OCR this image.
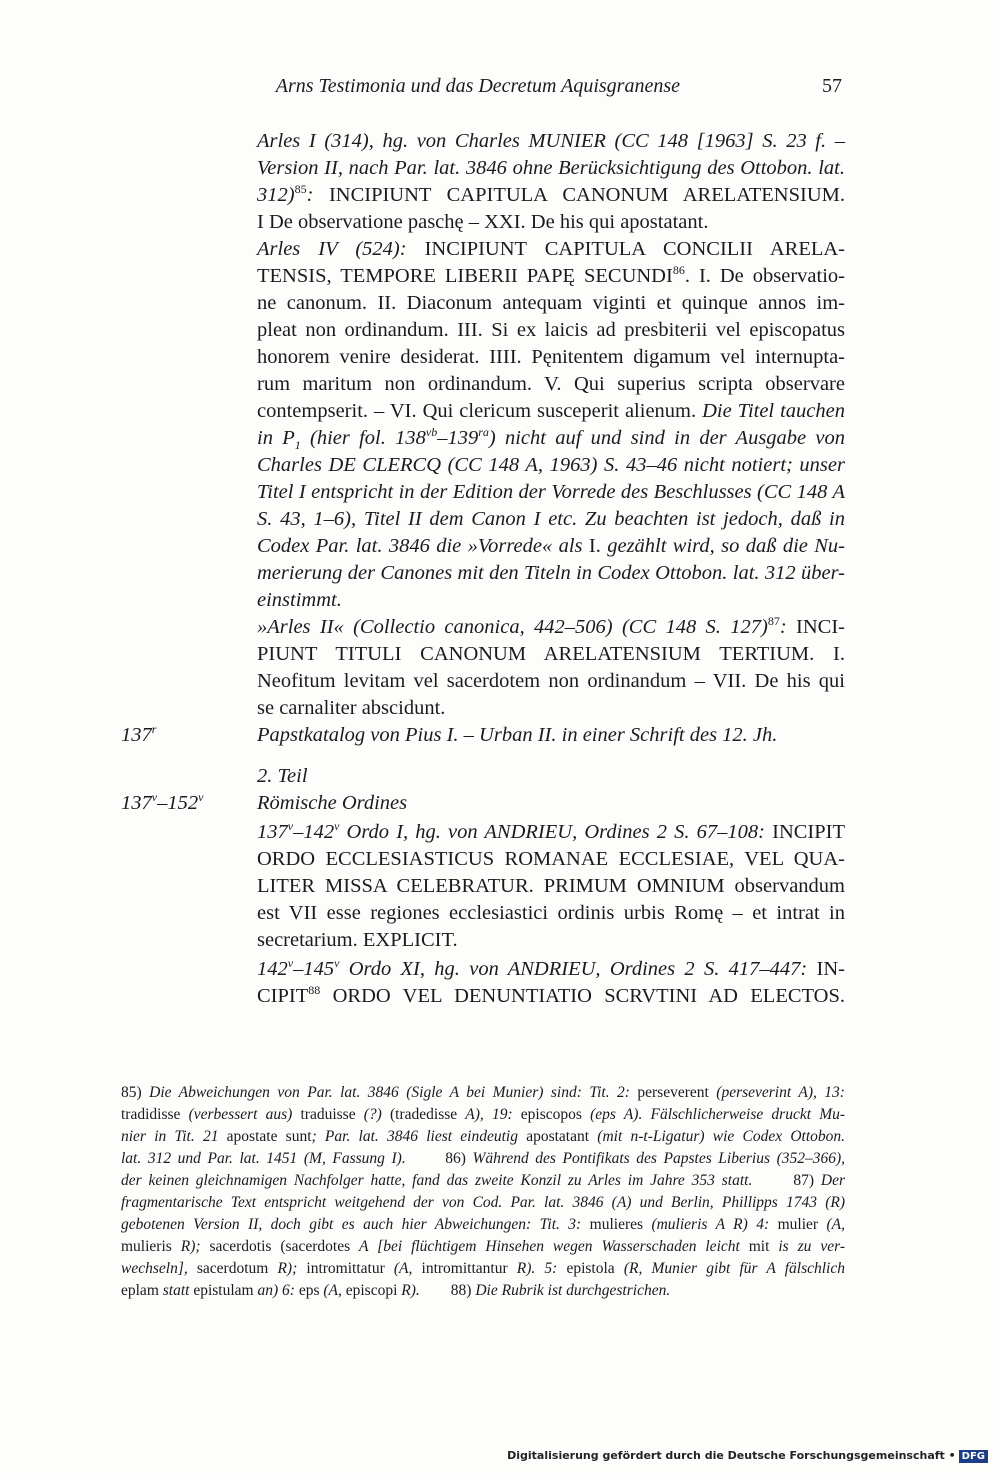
Arns Testimonia und das Decretum Aquisgranense	57
Arles I (314), hg. von Charles MUNIER (CC 148 [1963] S. 23 f. –
Version II, nach Par. lat. 3846 ohne Berücksichtigung des Ottobon. lat.
312)$^{85}$: INCIPIUNT CAPITULA CANONUM ARELATENSIUM.
I De observatione paschę – XXI. De his qui apostatant.
Arles IV (524): INCIPIUNT CAPITULA CONCILII ARELA-
TENSIS, TEMPORE LIBERII PAPĘ SECUNDI$^{86}$. I. De observatio-
ne canonum. II. Diaconum antequam viginti et quinque annos im-
pleat non ordinandum. III. Si ex laicis ad presbiterii vel episcopatus
honorem venire desiderat. IIII. Pęnitentem digamum vel internupta-
rum maritum non ordinandum. V. Qui superius scripta observare
contempserit. – VI. Qui clericum susceperit alienum. Die Titel tauchen
in $P_1$ (hier fol. $138^{vb}-139^{ra}$) nicht auf und sind in der Ausgabe von
Charles DE CLERCQ (CC 148 A, 1963) S. 43–46 nicht notiert; unser
Titel I entspricht in der Edition der Vorrede des Beschlusses (CC 148 A
S. 43, 1–6), Titel II dem Canon I etc. Zu beachten ist jedoch, daß in
Codex Par. lat. 3846 die »Vorrede« als I. gezählt wird, so daß die Nu-
merierung der Canones mit den Titeln in Codex Ottobon. lat. 312 über-
einstimmt.
»Arles II« (Collectio canonica, 442–506) (CC 148 S. 127)$^{87}$: INCI-
PIUNT TITULI CANONUM ARELATENSIUM TERTIUM. I.
Neofitum levitam vel sacerdotem non ordinandum – VII. De his qui
se carnaliter abscidunt.
137$^r$	Papstkatalog von Pius I. – Urban II. in einer Schrift des 12. Jh.
2. Teil
137$^v$–152$^v$	Römische Ordines
137$^v$–142$^v$ Ordo I, hg. von ANDRIEU, Ordines 2 S. 67–108: INCIPIT
ORDO ECCLESIASTICUS ROMANAE ECCLESIAE, VEL QUA-
LITER MISSA CELEBRATUR. PRIMUM OMNIUM observandum
est VII esse regiones ecclesiastici ordinis urbis Romę – et intrat in
secretarium. EXPLICIT.
142$^v$–145$^v$ Ordo XI, hg. von ANDRIEU, Ordines 2 S. 417–447: IN-
CIPIT$^{88}$ ORDO VEL DENUNTIATIO SCRVTINI AD ELECTOS.
85) Die Abweichungen von Par. lat. 3846 (Sigle A bei Munier) sind: Tit. 2: perseverent (perseverint A), 13:
tradidisse (verbessert aus) traduisse (?) (tradedisse A), 19: episcopos (eps A). Fälschlicherweise druckt Mu-
nier in Tit. 21 apostate sunt; Par. lat. 3846 liest eindeutig apostatant (mit n-t-Ligatur) wie Codex Ottobon.
lat. 312 und Par. lat. 1451 (M, Fassung I).      86) Während des Pontifikats des Papstes Liberius (352–366),
der keinen gleichnamigen Nachfolger hatte, fand das zweite Konzil zu Arles im Jahre 353 statt.      87) Der
fragmentarische Text entspricht weitgehend der von Cod. Par. lat. 3846 (A) und Berlin, Phillipps 1743 (R)
gebotenen Version II, doch gibt es auch hier Abweichungen: Tit. 3: mulieres (mulieris A R) 4: mulier (A,
mulieris R); sacerdotis (sacerdotes A [bei flüchtigem Hinsehen wegen Wasserschaden leicht mit is zu ver-
wechseln], sacerdotum R); intromittatur (A, intromittantur R). 5: epistola (R, Munier gibt für A fälschlich
eplam statt epistulam an) 6: eps (A, episcopi R).        88) Die Rubrik ist durchgestrichen.
Digitalisierung gefördert durch die Deutsche Forschungsgemeinschaft • DFG
